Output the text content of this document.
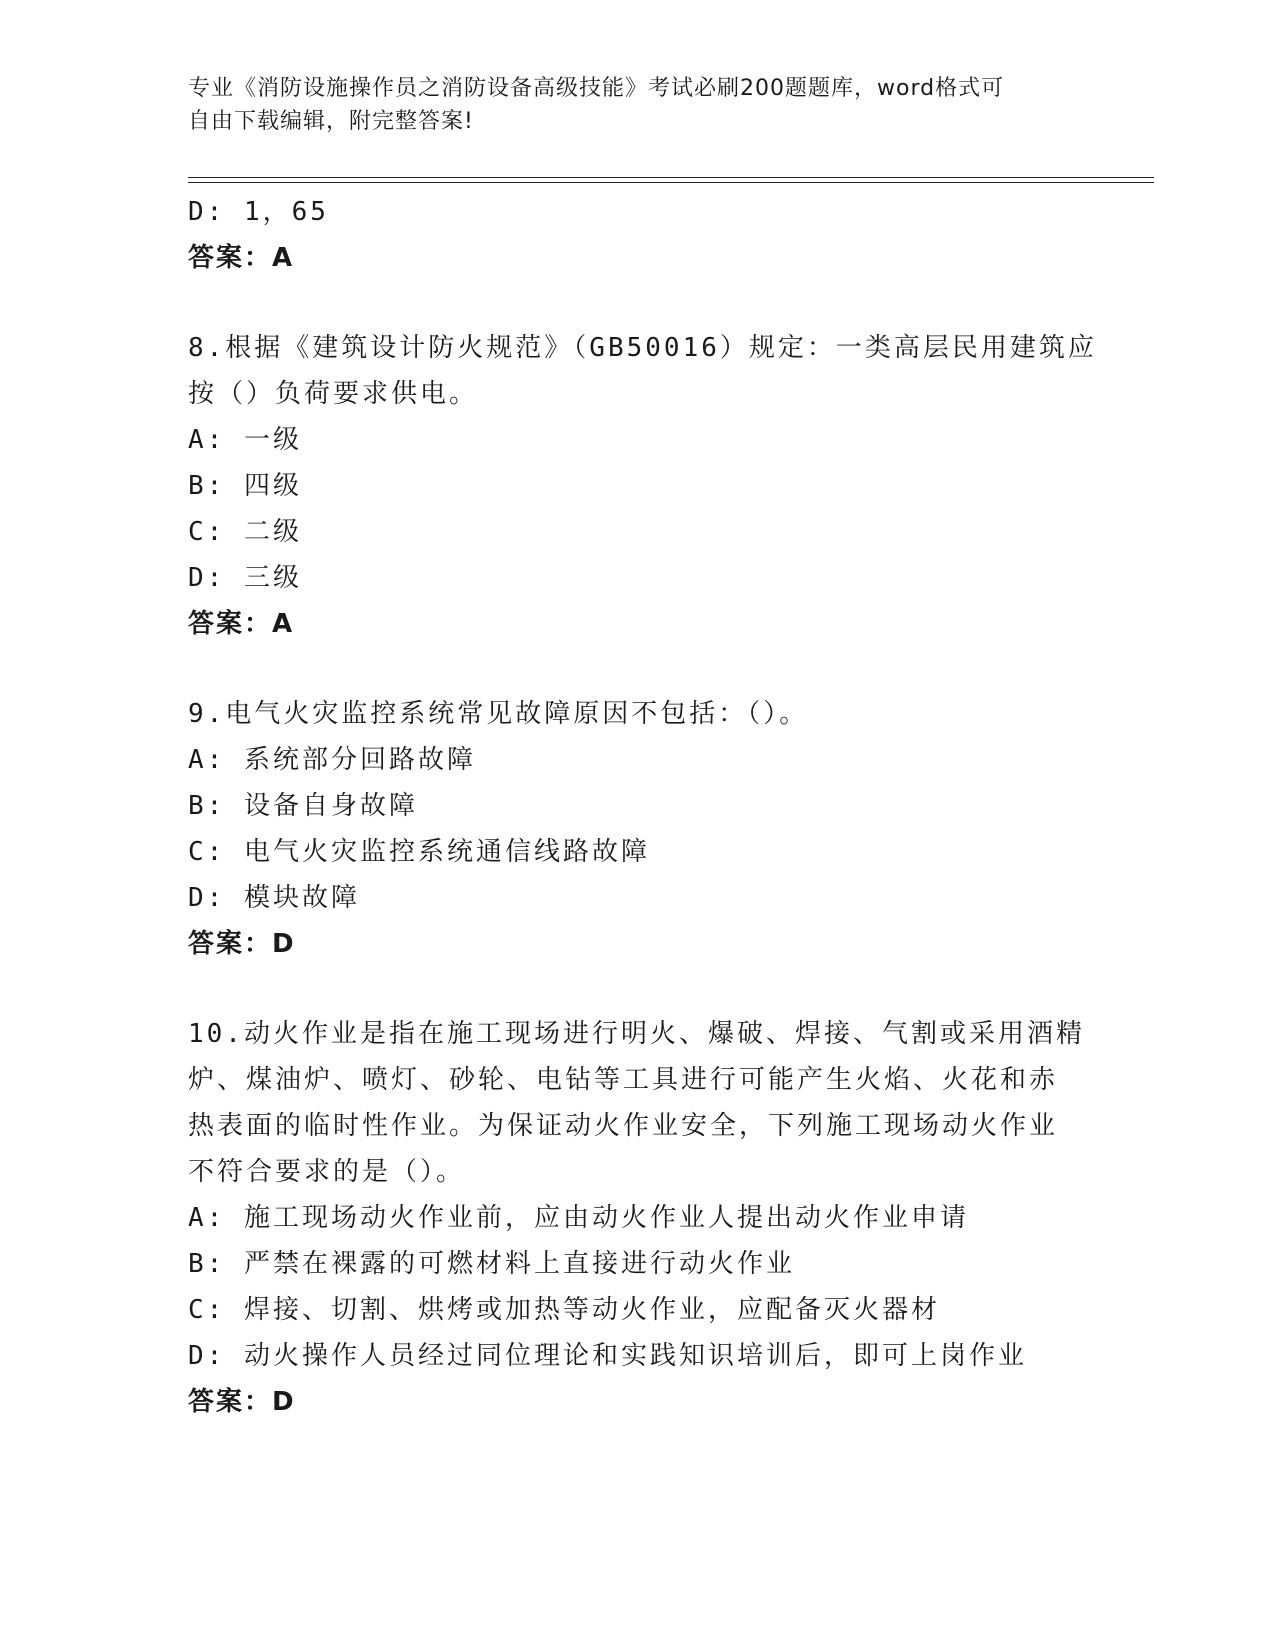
专业《消防设施操作员之消防设备高级技能》考试必刷200题题库，word格式可
自由下载编辑，附完整答案!
D: 1，65
答案：A
8.根据《建筑设计防火规范》（GB50016）规定：一类高层民用建筑应
按（）负荷要求供电。
A: 一级
B: 四级
C: 二级
D: 三级
答案：A
9.电气火灾监控系统常见故障原因不包括：（）。
A: 系统部分回路故障
B: 设备自身故障
C: 电气火灾监控系统通信线路故障
D: 模块故障
答案：D
10.动火作业是指在施工现场进行明火、爆破、焊接、气割或采用酒精
炉、煤油炉、喷灯、砂轮、电钻等工具进行可能产生火焰、火花和赤
热表面的临时性作业。为保证动火作业安全，下列施工现场动火作业
不符合要求的是（）。
A: 施工现场动火作业前，应由动火作业人提出动火作业申请
B: 严禁在裸露的可燃材料上直接进行动火作业
C: 焊接、切割、烘烤或加热等动火作业，应配备灭火器材
D: 动火操作人员经过同位理论和实践知识培训后，即可上岗作业
答案：D
